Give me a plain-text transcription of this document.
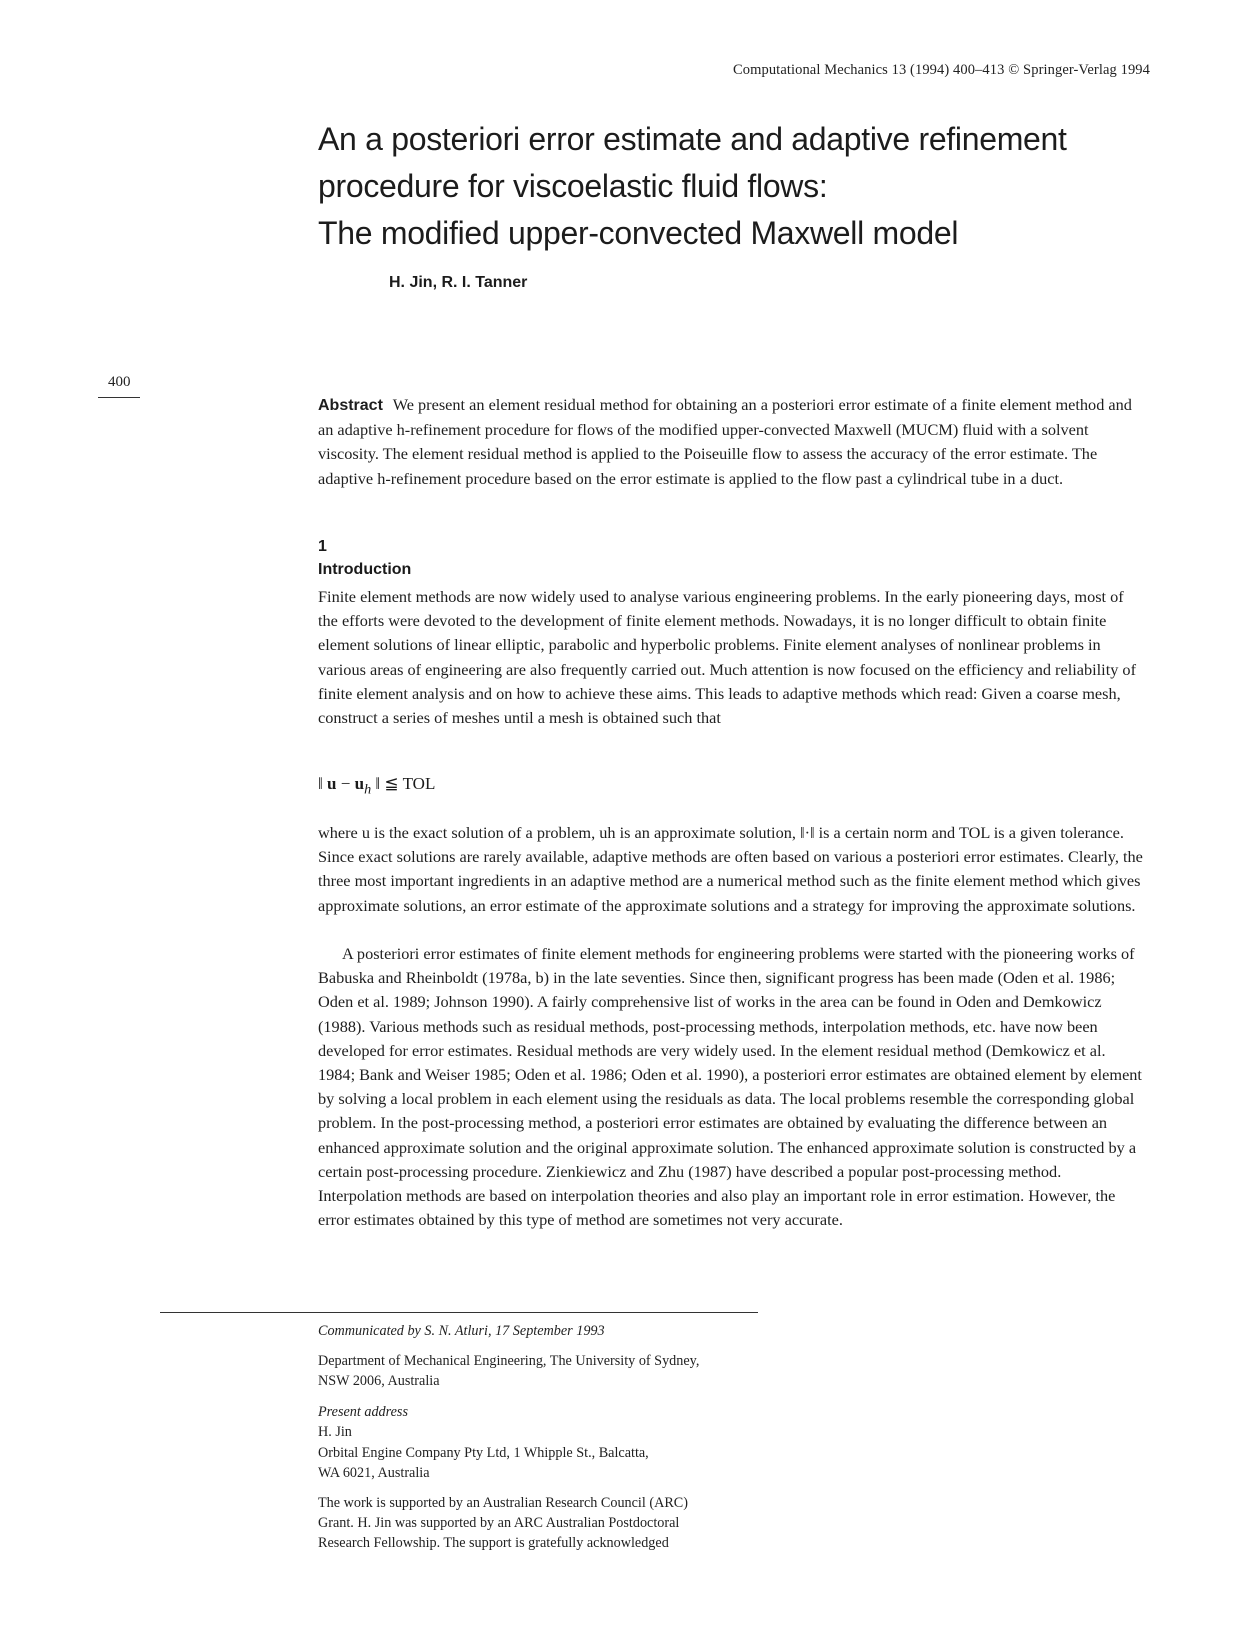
Computational Mechanics 13 (1994) 400–413 © Springer-Verlag 1994
400
An a posteriori error estimate and adaptive refinement
procedure for viscoelastic fluid flows:
The modified upper-convected Maxwell model
H. Jin, R. I. Tanner

Abstract We present an element residual method for obtaining an a posteriori error estimate of a finite element method and an adaptive h-refinement procedure for flows of the modified upper-convected Maxwell (MUCM) fluid with a solvent viscosity. The element residual method is applied to the Poiseuille flow to assess the accuracy of the error estimate. The adaptive h-refinement procedure based on the error estimate is applied to the flow past a cylindrical tube in a duct.

1
Introduction

Finite element methods are now widely used to analyse various engineering problems. In the early pioneering days, most of the efforts were devoted to the development of finite element methods. Nowadays, it is no longer difficult to obtain finite element solutions of linear elliptic, parabolic and hyperbolic problems. Finite element analyses of nonlinear problems in various areas of engineering are also frequently carried out. Much attention is now focused on the efficiency and reliability of finite element analysis and on how to achieve these aims. This leads to adaptive methods which read: Given a coarse mesh, construct a series of meshes until a mesh is obtained such that

‖ $u - u_h$ ‖ ≦ TOL

where u is the exact solution of a problem, uh is an approximate solution, ‖·‖ is a certain norm and TOL is a given tolerance. Since exact solutions are rarely available, adaptive methods are often based on various a posteriori error estimates. Clearly, the three most important ingredients in an adaptive method are a numerical method such as the finite element method which gives approximate solutions, an error estimate of the approximate solutions and a strategy for improving the approximate solutions.

A posteriori error estimates of finite element methods for engineering problems were started with the pioneering works of Babuska and Rheinboldt (1978a, b) in the late seventies. Since then, significant progress has been made (Oden et al. 1986; Oden et al. 1989; Johnson 1990). A fairly comprehensive list of works in the area can be found in Oden and Demkowicz (1988). Various methods such as residual methods, post-processing methods, interpolation methods, etc. have now been developed for error estimates. Residual methods are very widely used. In the element residual method (Demkowicz et al. 1984; Bank and Weiser 1985; Oden et al. 1986; Oden et al. 1990), a posteriori error estimates are obtained element by element by solving a local problem in each element using the residuals as data. The local problems resemble the corresponding global problem. In the post-processing method, a posteriori error estimates are obtained by evaluating the difference between an enhanced approximate solution and the original approximate solution. The enhanced approximate solution is constructed by a certain post-processing procedure. Zienkiewicz and Zhu (1987) have described a popular post-processing method. Interpolation methods are based on interpolation theories and also play an important role in error estimation. However, the error estimates obtained by this type of method are sometimes not very accurate.

Communicated by S. N. Atluri, 17 September 1993
Department of Mechanical Engineering, The University of Sydney,
NSW 2006, Australia
Present address
H. Jin
Orbital Engine Company Pty Ltd, 1 Whipple St., Balcatta,
WA 6021, Australia
The work is supported by an Australian Research Council (ARC)
Grant. H. Jin was supported by an ARC Australian Postdoctoral
Research Fellowship. The support is gratefully acknowledged
